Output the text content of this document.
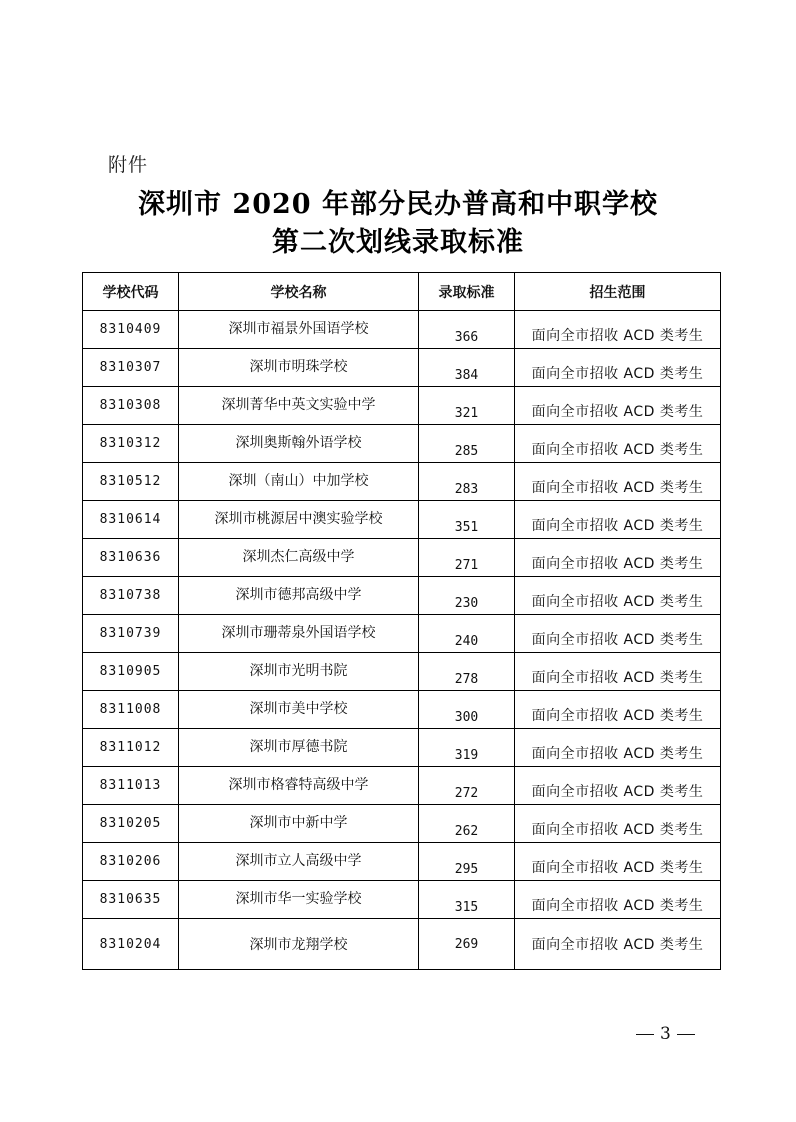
附件
深圳市 2020 年部分民办普高和中职学校
第二次划线录取标准
学校代码	学校名称	录取标准	招生范围
8310409	深圳市福景外国语学校	366	面向全市招收 ACD 类考生
8310307	深圳市明珠学校	384	面向全市招收 ACD 类考生
8310308	深圳菁华中英文实验中学	321	面向全市招收 ACD 类考生
8310312	深圳奥斯翰外语学校	285	面向全市招收 ACD 类考生
8310512	深圳（南山）中加学校	283	面向全市招收 ACD 类考生
8310614	深圳市桃源居中澳实验学校	351	面向全市招收 ACD 类考生
8310636	深圳杰仁高级中学	271	面向全市招收 ACD 类考生
8310738	深圳市德邦高级中学	230	面向全市招收 ACD 类考生
8310739	深圳市珊蒂泉外国语学校	240	面向全市招收 ACD 类考生
8310905	深圳市光明书院	278	面向全市招收 ACD 类考生
8311008	深圳市美中学校	300	面向全市招收 ACD 类考生
8311012	深圳市厚德书院	319	面向全市招收 ACD 类考生
8311013	深圳市格睿特高级中学	272	面向全市招收 ACD 类考生
8310205	深圳市中新中学	262	面向全市招收 ACD 类考生
8310206	深圳市立人高级中学	295	面向全市招收 ACD 类考生
8310635	深圳市华一实验学校	315	面向全市招收 ACD 类考生
8310204	深圳市龙翔学校	269	面向全市招收 ACD 类考生
3
